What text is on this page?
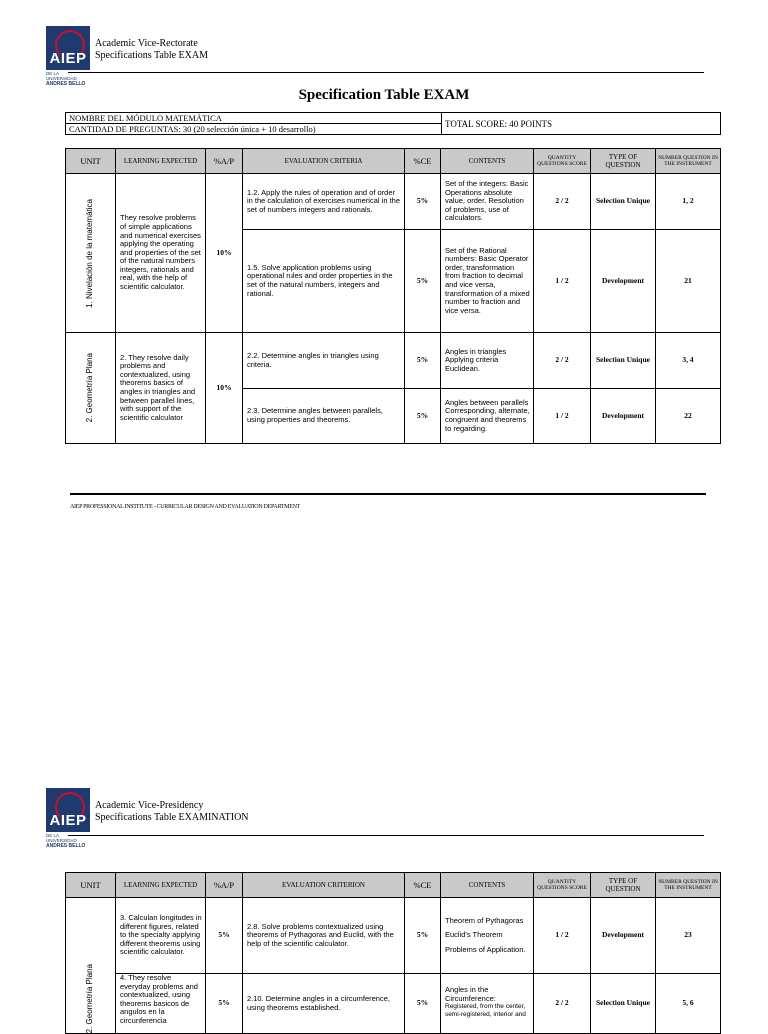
AIEP
DE LA UNIVERSIDAD
ANDRES BELLO
Academic Vice-Rectorate
Specifications Table EXAM
Specification Table EXAM
NOMBRE DEL MÓDULO MATEMÁTICA	TOTAL SCORE: 40 POINTS
CANTIDAD DE PREGUNTAS: 30 (20 selección única + 10 desarrollo)
UNIT	LEARNING EXPECTED	%A/P	EVALUATION CRITERIA	%CE	CONTENTS	QUANTITY QUESTIONS SCORE	TYPE OF QUESTION	NUMBER QUESTION IN THE INSTRUMENT

1. Nivelación de la matemática	They resolve problems of simple applications and numerical exercises applying the operating and properties of the set of the natural numbers integers, rationals and real, with the help of scientific calculator.	10%	1.2. Apply the rules of operation and of order in the calculation of exercises numerical in the set of numbers integers and rationals.	5%	Set of the integers: Basic Operations absolute value, order. Resolution of problems, use of calculators.	2 / 2	Selection Unique	1, 2
			1.5. Solve application problems using operational rules and order properties in the set of the natural numbers, integers and rational.	5%	Set of the Rational numbers: Basic Operator order, transformation from fraction to decimal and vice versa, transformation of a mixed number to fraction and vice versa.	1 / 2	Development	21

2. Geometría Plana	2. They resolve daily problems and contextualized, using theorems basics of angles in triangles and between parallel lines, with support of the scientific calculator	10%	2.2. Determine angles in triangles using criteria.	5%	Angles in triangles Applying criteria Euclidean.	2 / 2	Selection Unique	3, 4
			2.3. Determine angles between parallels, using properties and theorems.	5%	Angles between parallels Corresponding, alternate, congruent and theorems to regarding.	1 / 2	Development	22
AIEP PROFESSIONAL INSTITUTE - CURRICULAR DESIGN AND EVALUATION DEPARTMENT
AIEP
DE LA UNIVERSIDAD
ANDRES BELLO
Academic Vice-Presidency
Specifications Table EXAMINATION
UNIT	LEARNING EXPECTED	%A/P	EVALUATION CRITERION	%CE	CONTENTS	QUANTITY QUESTIONS SCORE	TYPE OF QUESTION	NUMBER QUESTION IN THE INSTRUMENT

2. Geometría Plana	3. Calculan longitudes in different figures, related to the specialty applying different theorems using scientific calculator.	5%	2.8. Solve problems contextualized using theorems of Pythagoras and Euclid, with the help of the scientific calculator.	5%	Theorem of Pythagoras

Euclid's Theorem

Problems of Application.	1 / 2	Development	23
	4. They resolve everyday problems and contextualized, using theorems basicos de angulos en la circunferencia	5%	2.10. Determine angles in a circumference, using theorems established.	5%	Angles in the Circumference:

Registered, from the center, semi-registered, interior and	2 / 2	Selection Unique	5, 6
